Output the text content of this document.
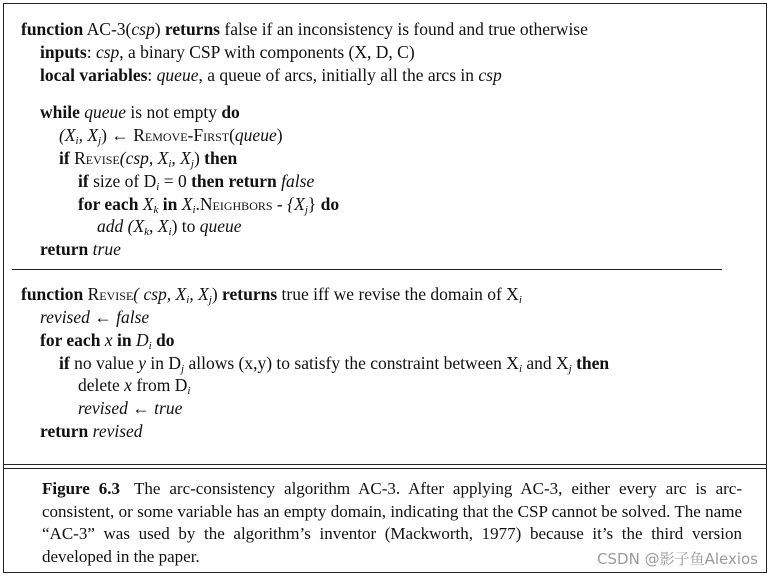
function AC-3(csp) returns false if an inconsistency is found and true otherwise
inputs: csp, a binary CSP with components (X, D, C)
local variables: queue, a queue of arcs, initially all the arcs in csp
while queue is not empty do
($X_i$, $X_j$) ← Remove-First(queue)
if Revise(csp, $X_i$, $X_j$) then
if size of $D_i = 0$ then return false
for each $X_k$ in $X_i.Neighbors - \{X_j\}$ do
add ($X_k$, $X_i$) to queue
return true
function Revise( csp, $X_i$, $X_j$) returns true iff we revise the domain of $X_i$
revised ← false
for each x in $D_i$ do
if no value y in $D_j$ allows (x,y) to satisfy the constraint between $X_i$ and $X_j$ then
delete x from $D_i$
revised ← true
return revised
Figure 6.3 The arc-consistency algorithm AC-3. After applying AC-3, either every arc is arc-consistent, or some variable has an empty domain, indicating that the CSP cannot be solved. The name “AC-3” was used by the algorithm’s inventor (Mackworth, 1977) because it’s the third version developed in the paper.	CSDN @影子鱼Alexios
